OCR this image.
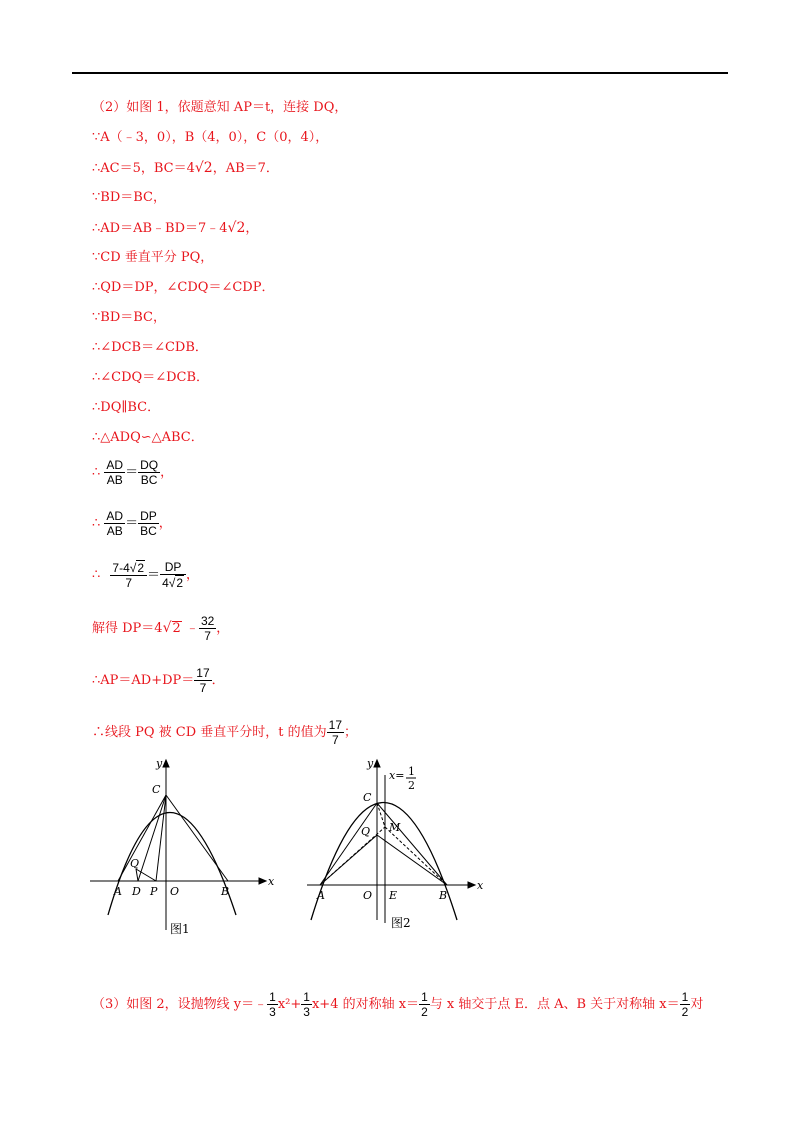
（2）如图 1，依题意知 AP＝t，连接 DQ，
∵A（﹣3，0），B（4，0），C（0，4），
∴AC＝5，BC＝4√2，AB＝7．
∵BD＝BC，
∴AD＝AB﹣BD＝7﹣4√2，
∵CD 垂直平分 PQ，
∴QD＝DP，∠CDQ＝∠CDP．
∵BD＝BC，
∴∠DCB＝∠CDB．
∴∠CDQ＝∠DCB．
∴DQ∥BC．
∴△ADQ∽△ABC．
∴ $\frac{AD}{AB} = \frac{DQ}{BC}$ ，
∴ $\frac{AD}{AB} = \frac{DP}{BC}$ ，
∴ $\frac{7-4√2}{7} = \frac{DP}{4√2}$ ，
解得 DP＝4√2 ﹣ $\frac{32}{7}$ ，
∴AP＝AD+DP＝ $\frac{17}{7}$ ．
∴线段 PQ 被 CD 垂直平分时，t 的值为 $\frac{17}{7}$ ；
y
x
C
Q
A D P O	B
图1
y
x
x= 1
2
C
Q M
A	O E	B
图2
（3）如图 2，设抛物线 y＝﹣ $\frac{1}{3} x^2+ \frac{1}{3} x+4$ 的对称轴 $x= \frac{1}{2}$ 与 x 轴交于点 E．点 A、B 关于对称轴 $x= \frac{1}{2}$ 对
